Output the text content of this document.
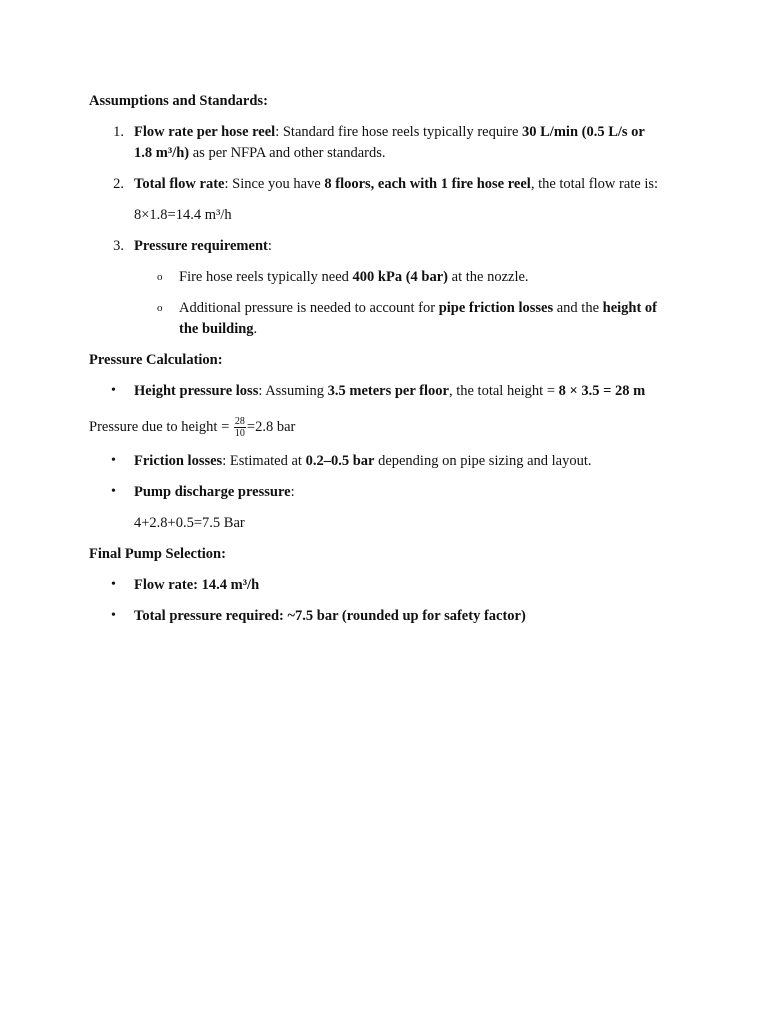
Assumptions and Standards:
1. Flow rate per hose reel: Standard fire hose reels typically require 30 L/min (0.5 L/s or
1.8 m³/h) as per NFPA and other standards.
2. Total flow rate: Since you have 8 floors, each with 1 fire hose reel, the total flow rate is:
8×1.8=14.4 m³/h
3. Pressure requirement:
o Fire hose reels typically need 400 kPa (4 bar) at the nozzle.
o Additional pressure is needed to account for pipe friction losses and the height of
the building.
Pressure Calculation:
• Height pressure loss: Assuming 3.5 meters per floor, the total height = 8 × 3.5 = 28 m
Pressure due to height = $\frac{28}{10} =2.8$ bar
• Friction losses: Estimated at 0.2–0.5 bar depending on pipe sizing and layout.
• Pump discharge pressure:
4+2.8+0.5=7.5 Bar
Final Pump Selection:
• Flow rate: 14.4 m³/h
• Total pressure required: ~7.5 bar (rounded up for safety factor)
